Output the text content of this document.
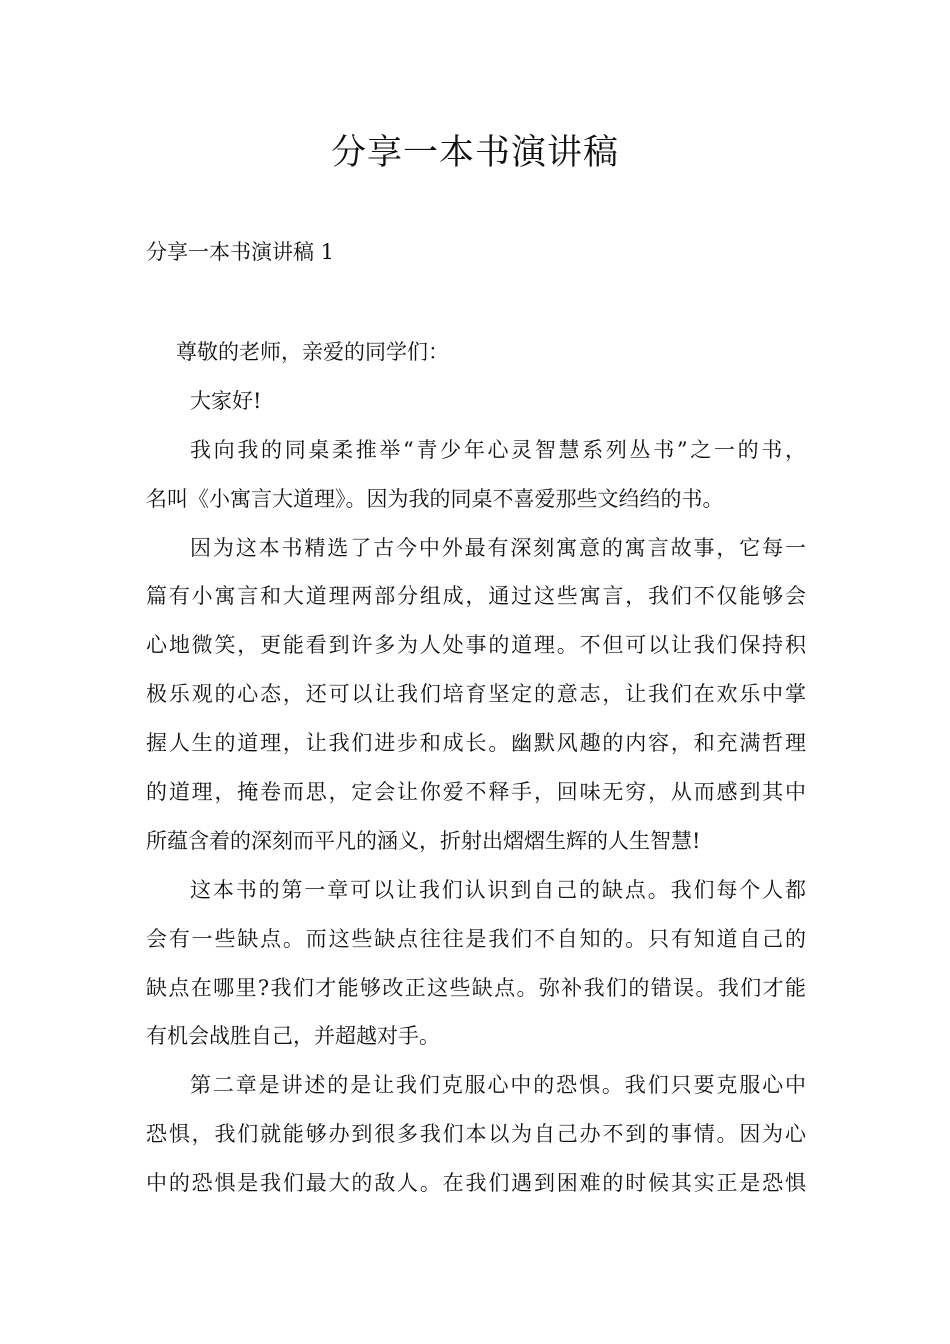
分享一本书演讲稿
分享一本书演讲稿 1
尊敬的老师，亲爱的同学们：
大家好!
我向我的同桌柔推举“青少年心灵智慧系列丛书”之一的书，
名叫《小寓言大道理》。因为我的同桌不喜爱那些文绉绉的书。
因为这本书精选了古今中外最有深刻寓意的寓言故事，它每一
篇有小寓言和大道理两部分组成，通过这些寓言，我们不仅能够会
心地微笑，更能看到许多为人处事的道理。不但可以让我们保持积
极乐观的心态，还可以让我们培育坚定的意志，让我们在欢乐中掌
握人生的道理，让我们进步和成长。幽默风趣的内容，和充满哲理
的道理，掩卷而思，定会让你爱不释手，回味无穷，从而感到其中
所蕴含着的深刻而平凡的涵义，折射出熠熠生辉的人生智慧!
这本书的第一章可以让我们认识到自己的缺点。我们每个人都
会有一些缺点。而这些缺点往往是我们不自知的。只有知道自己的
缺点在哪里?我们才能够改正这些缺点。弥补我们的错误。我们才能
有机会战胜自己，并超越对手。
第二章是讲述的是让我们克服心中的恐惧。我们只要克服心中
恐惧，我们就能够办到很多我们本以为自己办不到的事情。因为心
中的恐惧是我们最大的敌人。在我们遇到困难的时候其实正是恐惧
